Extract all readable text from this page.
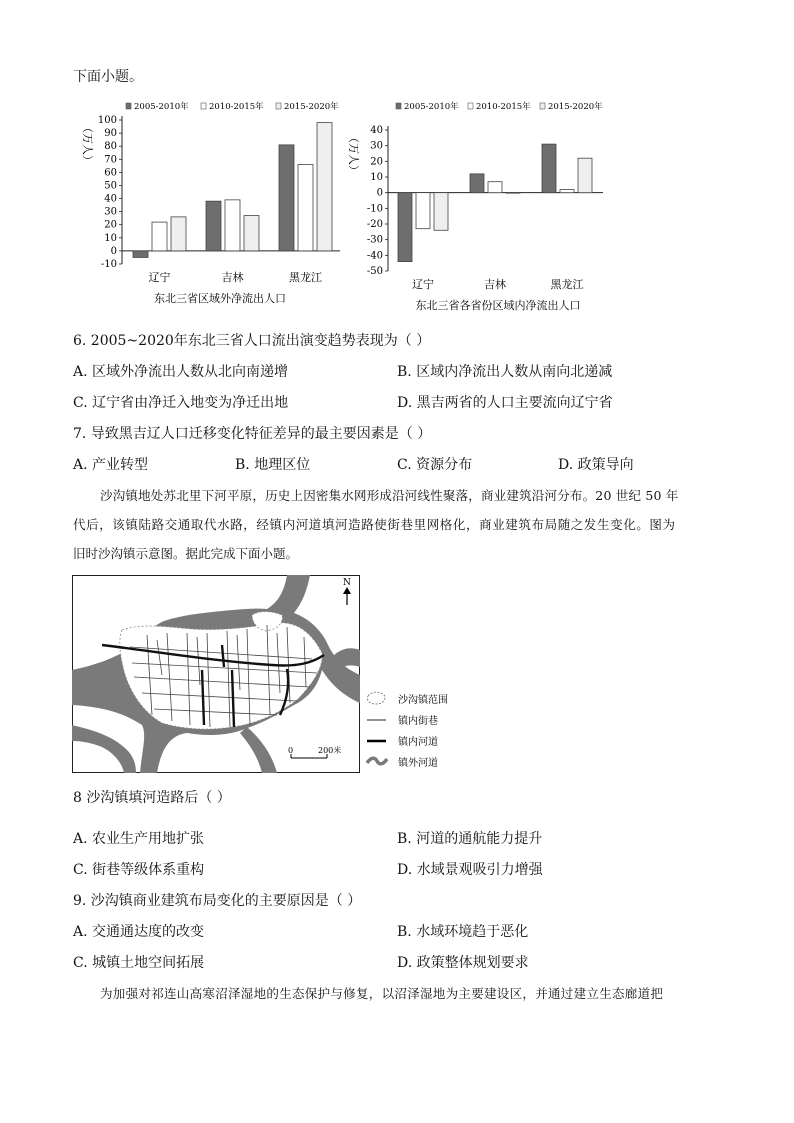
下面小题。
2005-2010年 2010-2015年 2015-2020年
（万人）
100
90
80
70
60
50
40
30
20
10
0
-10
辽宁	吉林	黑龙江
东北三省区域外净流出人口
2005-2010年 2010-2015年 2015-2020年
（万人）
40
30
20
10
0
-10
-20
-30
-40
-50
辽宁	吉林	黑龙江
东北三省各省份区域内净流出人口
6. 2005~2020年东北三省人口流出演变趋势表现为（ ）
A. 区域外净流出人数从北向南递增	B. 区域内净流出人数从南向北递减
C. 辽宁省由净迁入地变为净迁出地	D. 黑吉两省的人口主要流向辽宁省
7. 导致黑吉辽人口迁移变化特征差异的最主要因素是（ ）
A. 产业转型	B. 地理区位	C. 资源分布	D. 政策导向
沙沟镇地处苏北里下河平原，历史上因密集水网形成沿河线性聚落，商业建筑沿河分布。20 世纪 50 年
代后，该镇陆路交通取代水路，经镇内河道填河造路使街巷里网格化，商业建筑布局随之发生变化。图为
旧时沙沟镇示意图。据此完成下面小题。
N
0	200米
沙沟镇范围
镇内街巷
镇内河道
镇外河道
8 沙沟镇填河造路后（ ）
A. 农业生产用地扩张	B. 河道的通航能力提升
C. 街巷等级体系重构	D. 水域景观吸引力增强
9. 沙沟镇商业建筑布局变化的主要原因是（ ）
A. 交通通达度的改变	B. 水域环境趋于恶化
C. 城镇土地空间拓展	D. 政策整体规划要求
为加强对祁连山高寒沼泽湿地的生态保护与修复，以沼泽湿地为主要建设区，并通过建立生态廊道把
